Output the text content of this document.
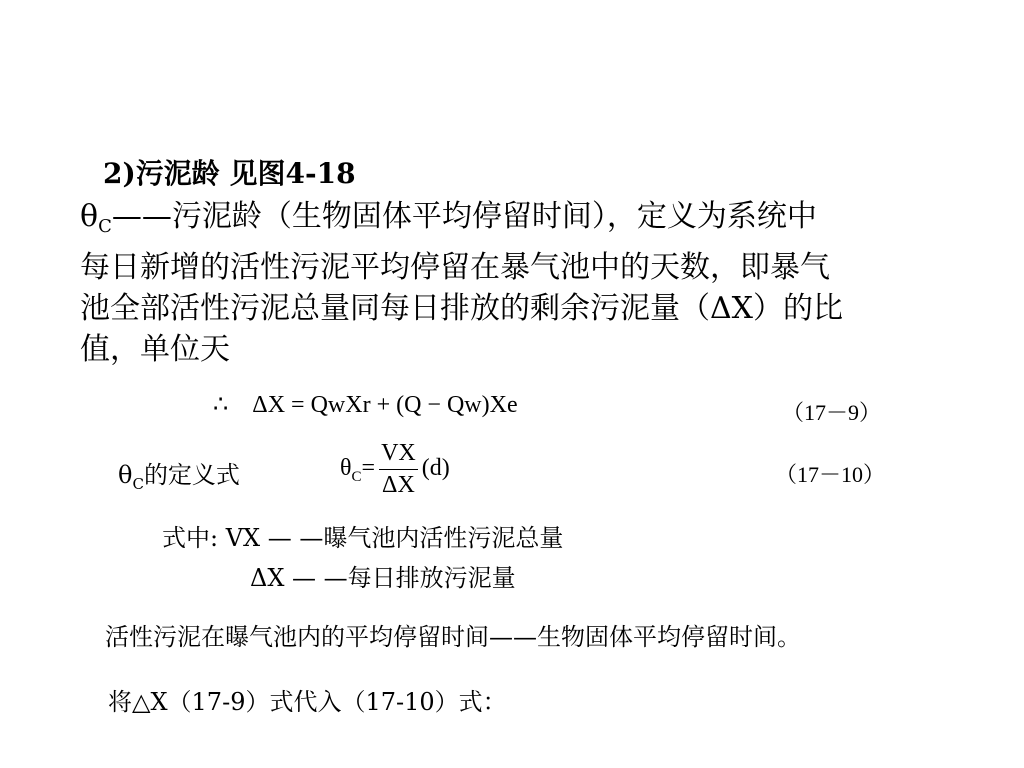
2)污泥龄 见图4-18
$\theta_C——$污泥龄（生物固体平均停留时间），定义为系统中
每日新增的活性污泥平均停留在暴气池中的天数，即暴气
池全部活性污泥总量同每日排放的剩余污泥量（ΔX）的比
值，单位天
∴ ΔX = QwXr + (Q − Qw)Xe	（17－9）
$\theta_C$的定义式	$\theta_C= \frac{VX}{\Delta X} (d)$	（17－10）
式中: VX — —曝气池内活性污泥总量
ΔX — —每日排放污泥量
活性污泥在曝气池内的平均停留时间——生物固体平均停留时间。
将△X（17-9）式代入（17-10）式：
